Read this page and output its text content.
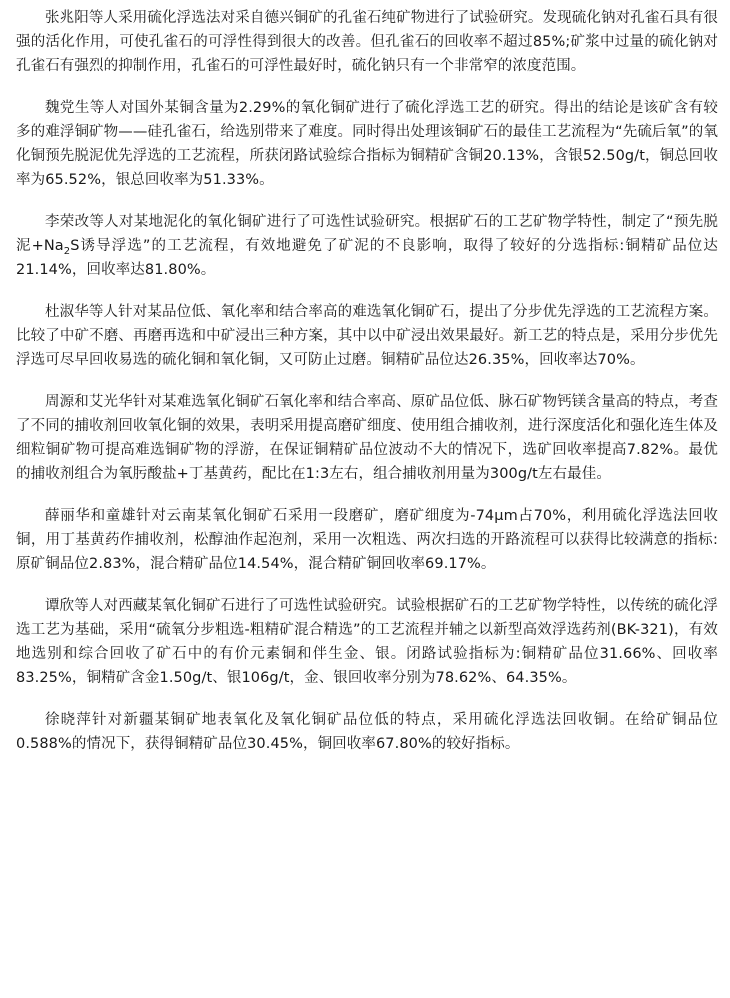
张兆阳等人采用硫化浮选法对采自德兴铜矿的孔雀石纯矿物进行了试验研究。发现硫化钠对孔雀石具有很强的活化作用，可使孔雀石的可浮性得到很大的改善。但孔雀石的回收率不超过85%;矿浆中过量的硫化钠对孔雀石有强烈的抑制作用，孔雀石的可浮性最好时，硫化钠只有一个非常窄的浓度范围。

魏党生等人对国外某铜含量为2.29%的氧化铜矿进行了硫化浮选工艺的研究。得出的结论是该矿含有较多的难浮铜矿物——硅孔雀石，给选别带来了难度。同时得出处理该铜矿石的最佳工艺流程为“先硫后氧”的氧化铜预先脱泥优先浮选的工艺流程，所获闭路试验综合指标为铜精矿含铜20.13%，含银52.50g/t，铜总回收率为65.52%，银总回收率为51.33%。

李荣改等人对某地泥化的氧化铜矿进行了可选性试验研究。根据矿石的工艺矿物学特性，制定了“预先脱泥$+Na_2S$诱导浮选”的工艺流程，有效地避免了矿泥的不良影响，取得了较好的分选指标:铜精矿品位达21.14%，回收率达81.80%。

杜淑华等人针对某品位低、氧化率和结合率高的难选氧化铜矿石，提出了分步优先浮选的工艺流程方案。比较了中矿不磨、再磨再选和中矿浸出三种方案，其中以中矿浸出效果最好。新工艺的特点是，采用分步优先浮选可尽早回收易选的硫化铜和氧化铜，又可防止过磨。铜精矿品位达26.35%，回收率达70%。

周源和艾光华针对某难选氧化铜矿石氧化率和结合率高、原矿品位低、脉石矿物钙镁含量高的特点，考查了不同的捕收剂回收氧化铜的效果，表明采用提高磨矿细度、使用组合捕收剂，进行深度活化和强化连生体及细粒铜矿物可提高难选铜矿物的浮游，在保证铜精矿品位波动不大的情况下，选矿回收率提高7.82%。最优的捕收剂组合为氧肟酸盐+丁基黄药，配比在1:3左右，组合捕收剂用量为300g/t左右最佳。

薛丽华和童雄针对云南某氧化铜矿石采用一段磨矿，磨矿细度为-74μm占70%，利用硫化浮选法回收铜，用丁基黄药作捕收剂，松醇油作起泡剂，采用一次粗选、两次扫选的开路流程可以获得比较满意的指标:原矿铜品位2.83%，混合精矿品位14.54%，混合精矿铜回收率69.17%。

谭欣等人对西藏某氧化铜矿石进行了可选性试验研究。试验根据矿石的工艺矿物学特性，以传统的硫化浮选工艺为基础，采用“硫氧分步粗选-粗精矿混合精选”的工艺流程并辅之以新型高效浮选药剂(BK-321)，有效地选别和综合回收了矿石中的有价元素铜和伴生金、银。闭路试验指标为:铜精矿品位31.66%、回收率83.25%，铜精矿含金1.50g/t、银106g/t，金、银回收率分别为78.62%、64.35%。

徐晓萍针对新疆某铜矿地表氧化及氧化铜矿品位低的特点，采用硫化浮选法回收铜。在给矿铜品位0.588%的情况下，获得铜精矿品位30.45%，铜回收率67.80%的较好指标。
